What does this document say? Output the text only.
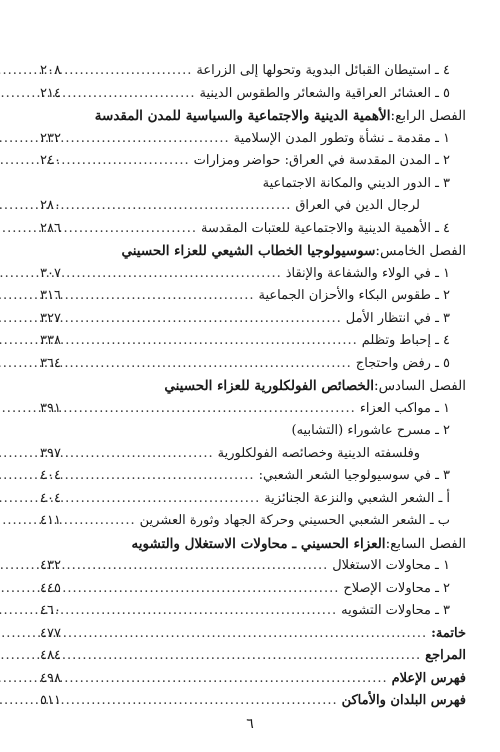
٤ ـ استيطان القبائل البدوية وتحولها إلى الزراعة
.....
٢٠٨
٥ ـ العشائر العراقية والشعائر والطقوس الدينية
.....
٢١٤
الفصل الرابع:
الأهمية الدينية والاجتماعية والسياسية للمدن المقدسة
١ ـ مقدمة ـ نشأة وتطور المدن الإسلامية
.....
٢٣٢
٢ ـ المدن المقدسة في العراق: حواضر ومزارات
.....
٢٤٠
٣ ـ الدور الديني والمكانة الاجتماعية
لرجال الدين في العراق
.....
٢٨٠
٤ ـ الأهمية الدينية والاجتماعية للعتبات المقدسة
.....
٢٨٦
الفصل الخامس:
سوسيولوجيا الخطاب الشيعي للعزاء الحسيني
١ ـ في الولاء والشفاعة والإنقاذ
.....
٣٠٧
٢ ـ طقوس البكاء والأحزان الجماعية
.....
٣١٦
٣ ـ في انتظار الأمل
.....
٣٢٧
٤ ـ إحباط وتظلم
.....
٣٣٨
٥ ـ رفض واحتجاج
.....
٣٦٤
الفصل السادس:
الخصائص الفولكلورية للعزاء الحسيني
١ ـ مواكب العزاء
.....
٣٩١
٢ ـ مسرح عاشوراء (التشابيه)
وفلسفته الدينية وخصائصه الفولكلورية
.....
٣٩٧
٣ ـ في سوسيولوجيا الشعر الشعبي:
.....
٤٠٤
أ ـ الشعر الشعبي والنزعة الجنائزية
.....
٤٠٤
ب ـ الشعر الشعبي الحسيني وحركة الجهاد وثورة العشرين
.....
٤١١
الفصل السابع:
العزاء الحسيني ـ محاولات الاستغلال والتشويه
١ ـ محاولات الاستغلال
.....
٤٣٢
٢ ـ محاولات الإصلاح
.....
٤٤٥
٣ ـ محاولات التشويه
.....
٤٦٠
خاتمة:
.....
٤٧٧
المراجع
.....
٤٨٤
فهرس الإعلام
.....
٤٩٨
فهرس البلدان والأماكن
.....
٥١١
٦
